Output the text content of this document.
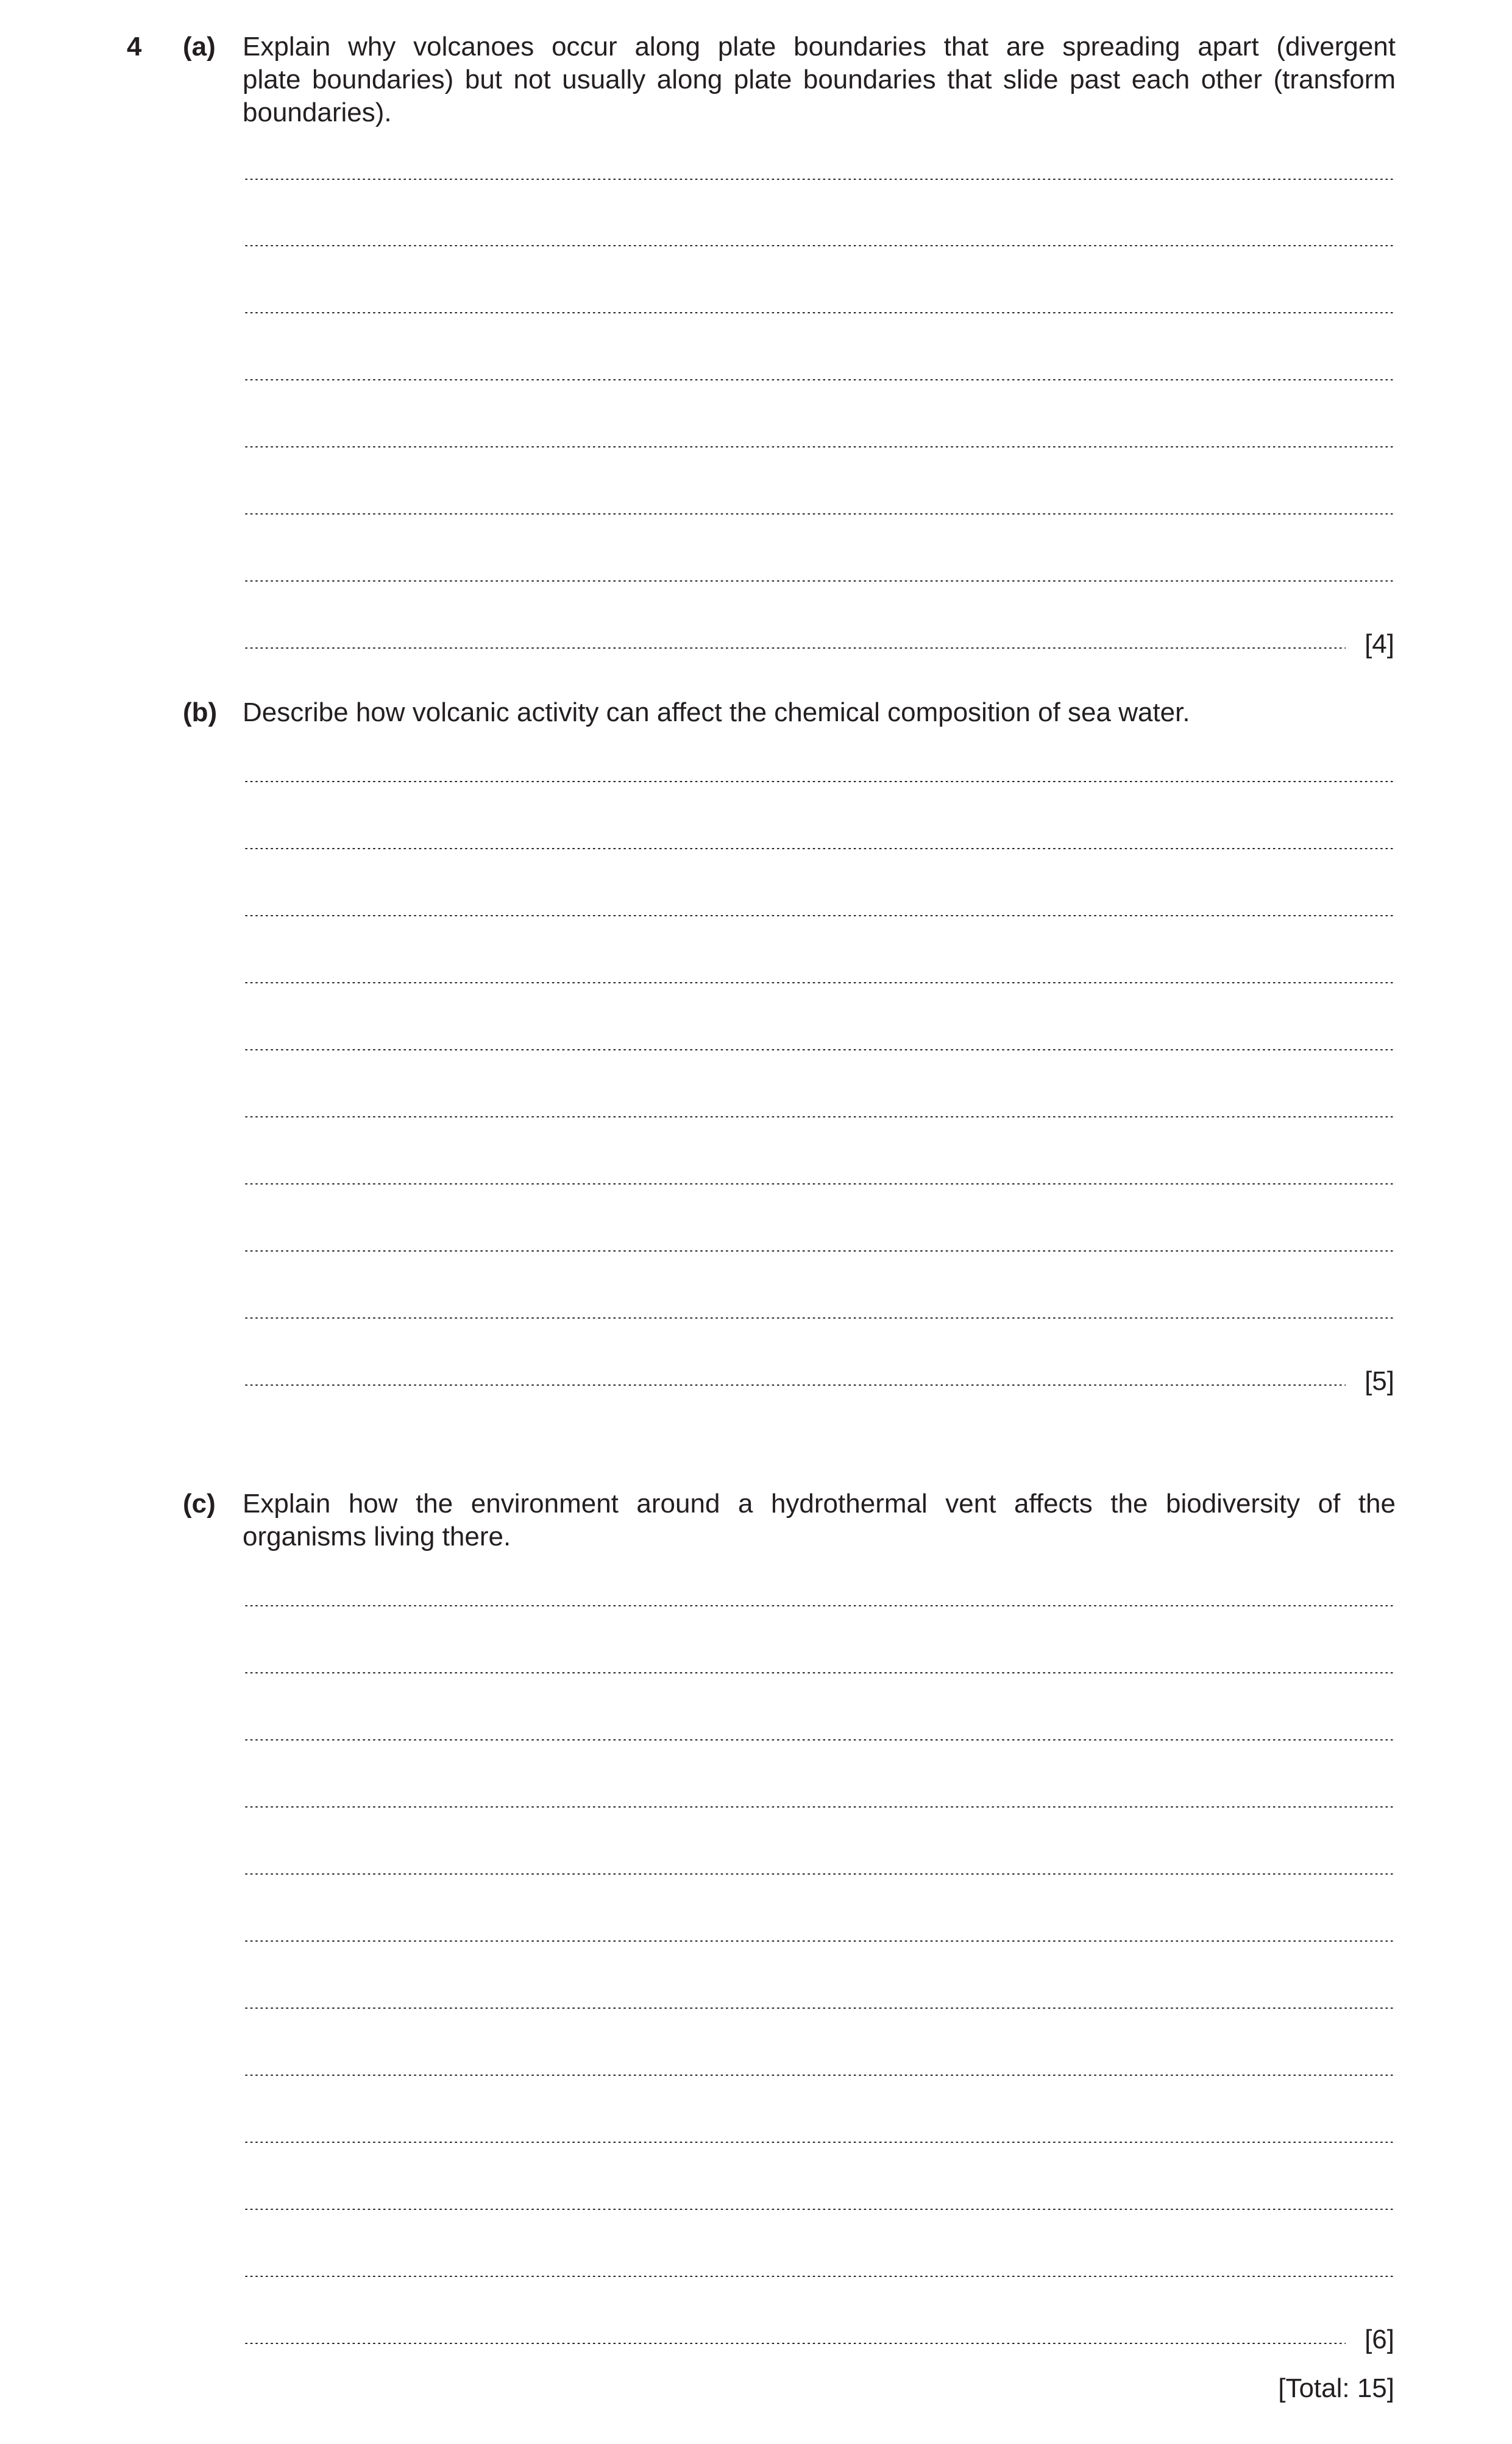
4 (a) Explain why volcanoes occur along plate boundaries that are spreading apart (divergent
plate boundaries) but not usually along plate boundaries that slide past each other (transform
boundaries).
[4]
(b) Describe how volcanic activity can affect the chemical composition of sea water.
[5]
(c) Explain how the environment around a hydrothermal vent affects the biodiversity of the
organisms living there.
[6]
[Total: 15]
